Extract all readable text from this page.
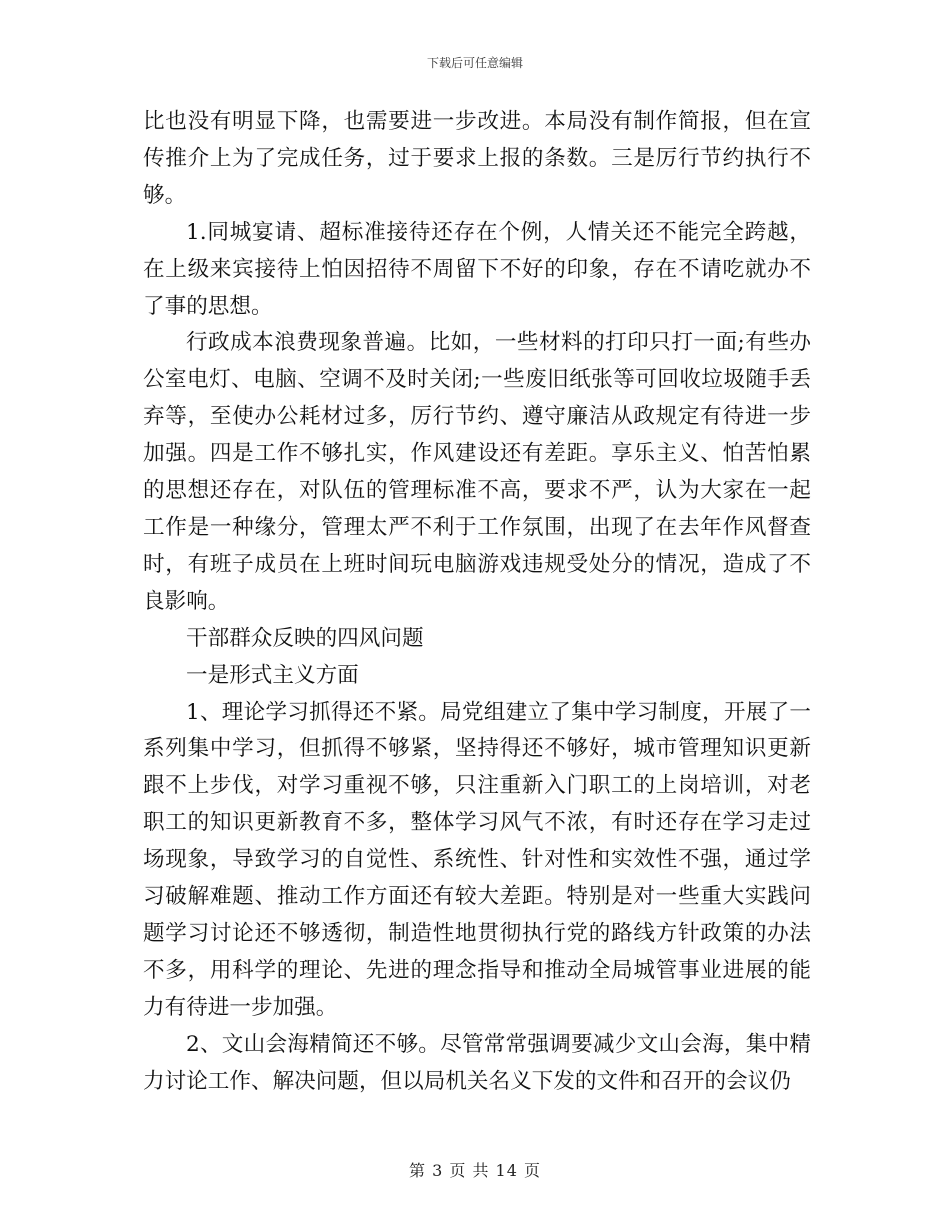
下载后可任意编辑

比也没有明显下降，也需要进一步改进。本局没有制作简报，但在宣传推介上为了完成任务，过于要求上报的条数。三是厉行节约执行不够。

1.同城宴请、超标准接待还存在个例，人情关还不能完全跨越，在上级来宾接待上怕因招待不周留下不好的印象，存在不请吃就办不了事的思想。

行政成本浪费现象普遍。比如，一些材料的打印只打一面;有些办公室电灯、电脑、空调不及时关闭;一些废旧纸张等可回收垃圾随手丢弃等，至使办公耗材过多，厉行节约、遵守廉洁从政规定有待进一步加强。四是工作不够扎实，作风建设还有差距。享乐主义、怕苦怕累的思想还存在，对队伍的管理标准不高，要求不严，认为大家在一起工作是一种缘分，管理太严不利于工作氛围，出现了在去年作风督查时，有班子成员在上班时间玩电脑游戏违规受处分的情况，造成了不良影响。

干部群众反映的四风问题

一是形式主义方面

1、理论学习抓得还不紧。局党组建立了集中学习制度，开展了一系列集中学习，但抓得不够紧，坚持得还不够好，城市管理知识更新跟不上步伐，对学习重视不够，只注重新入门职工的上岗培训，对老职工的知识更新教育不多，整体学习风气不浓，有时还存在学习走过场现象，导致学习的自觉性、系统性、针对性和实效性不强，通过学习破解难题、推动工作方面还有较大差距。特别是对一些重大实践问题学习讨论还不够透彻，制造性地贯彻执行党的路线方针政策的办法不多，用科学的理论、先进的理念指导和推动全局城管事业进展的能力有待进一步加强。

2、文山会海精简还不够。尽管常常强调要减少文山会海，集中精力讨论工作、解决问题，但以局机关名义下发的文件和召开的会议仍

第 3 页 共 14 页
